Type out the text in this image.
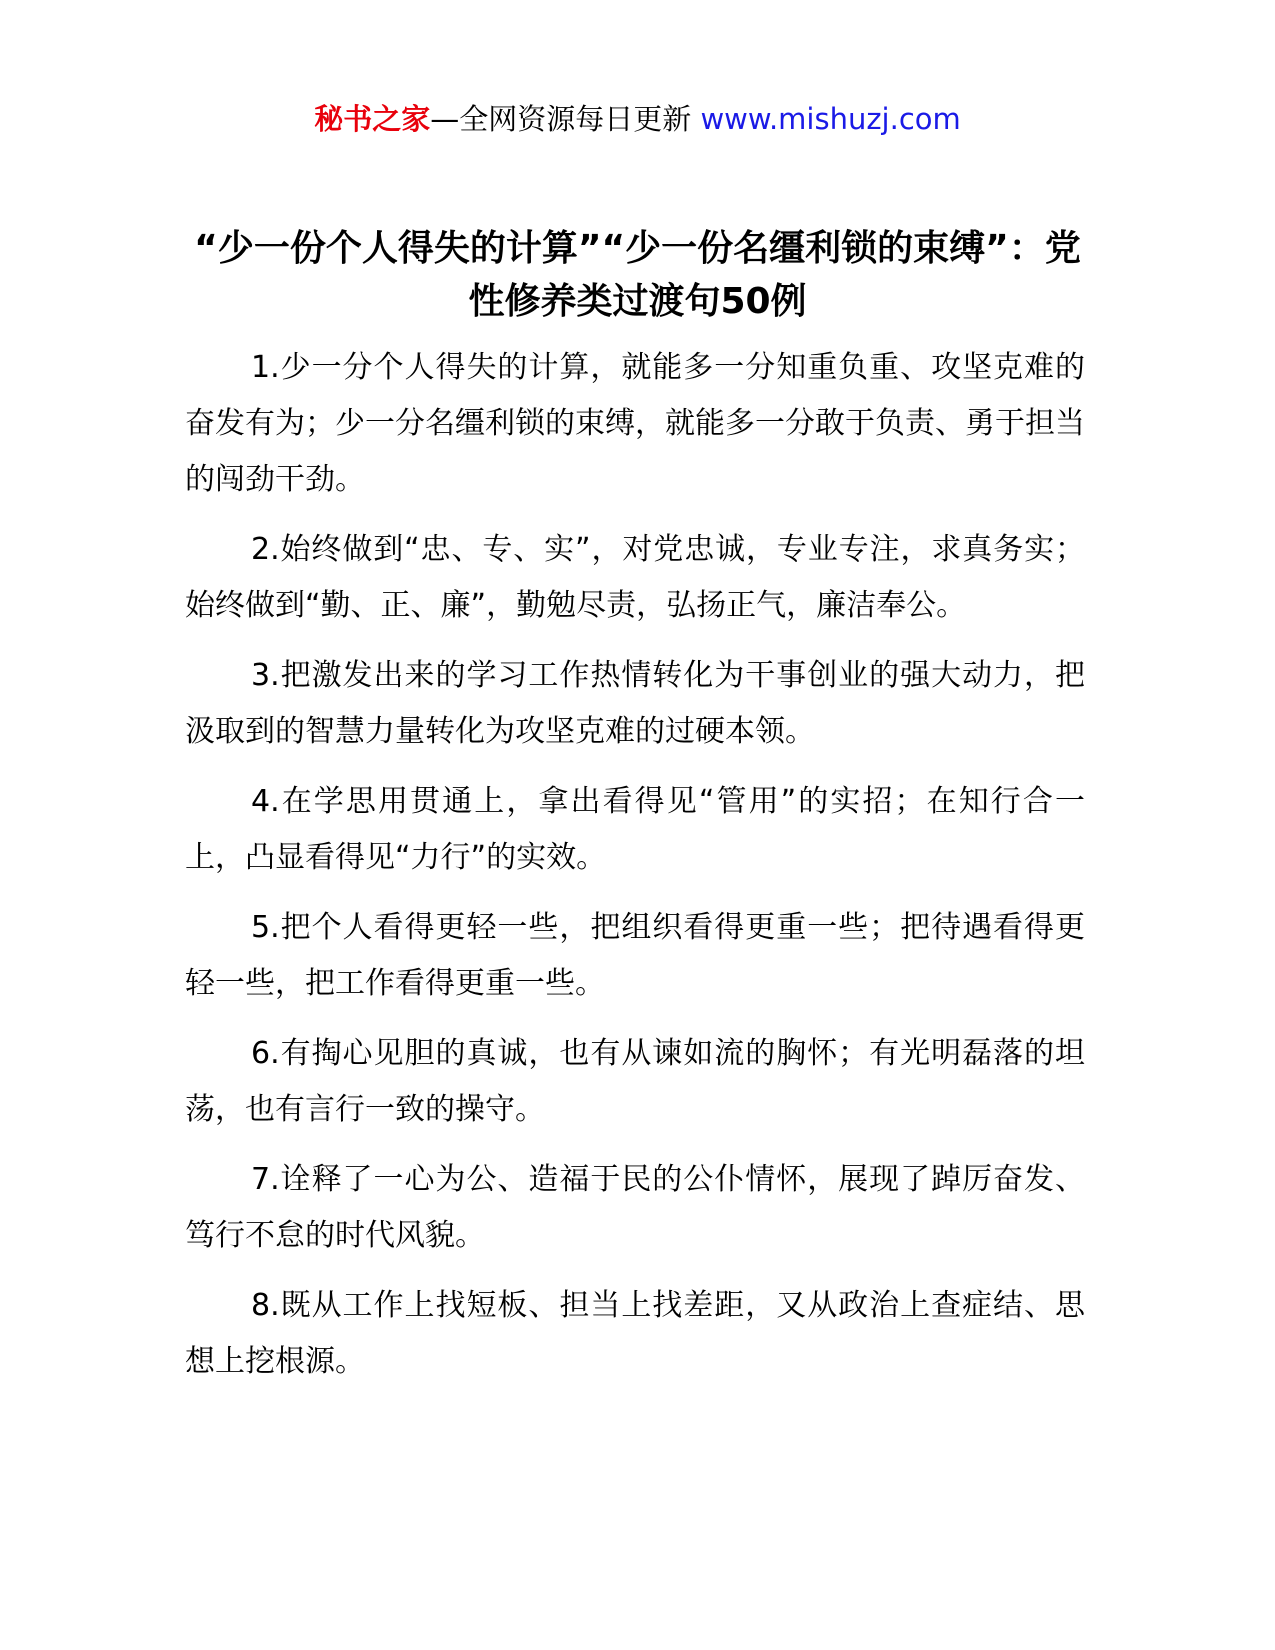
秘书之家—全网资源每日更新 www.mishuzj.com
“少一份个人得失的计算”“少一份名缰利锁的束缚”：党性修养类过渡句50例
1.少一分个人得失的计算，就能多一分知重负重、攻坚克难的奋发有为；少一分名缰利锁的束缚，就能多一分敢于负责、勇于担当的闯劲干劲。
2.始终做到“忠、专、实”，对党忠诚，专业专注，求真务实；始终做到“勤、正、廉”，勤勉尽责，弘扬正气，廉洁奉公。
3.把激发出来的学习工作热情转化为干事创业的强大动力，把汲取到的智慧力量转化为攻坚克难的过硬本领。
4.在学思用贯通上，拿出看得见“管用”的实招；在知行合一上，凸显看得见“力行”的实效。
5.把个人看得更轻一些，把组织看得更重一些；把待遇看得更轻一些，把工作看得更重一些。
6.有掏心见胆的真诚，也有从谏如流的胸怀；有光明磊落的坦荡，也有言行一致的操守。
7.诠释了一心为公、造福于民的公仆情怀，展现了踔厉奋发、笃行不怠的时代风貌。
8.既从工作上找短板、担当上找差距，又从政治上查症结、思想上挖根源。
